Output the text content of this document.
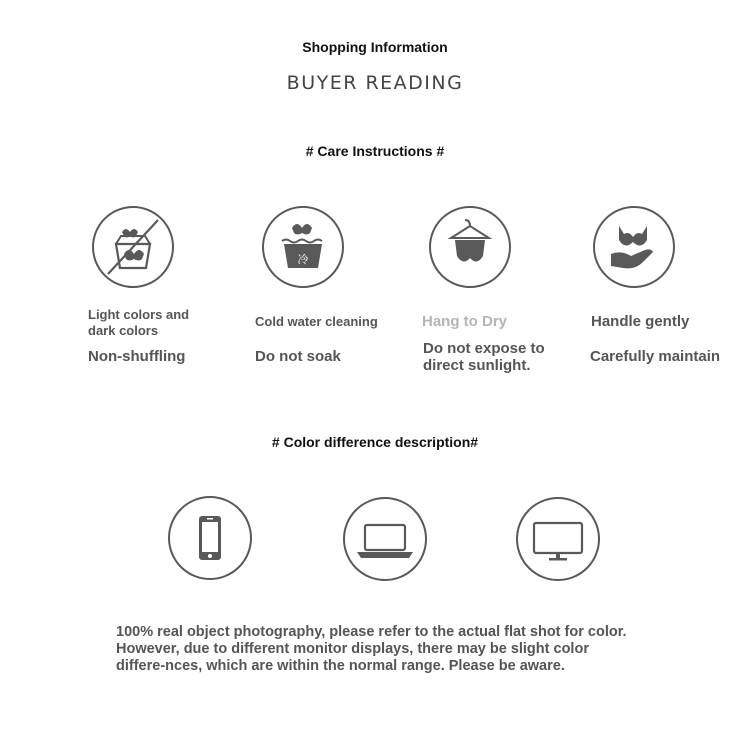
Shopping Information
BUYER READING
# Care Instructions #
Light colors and dark colors
Non-shuffling
冷
Cold water cleaning
Do not soak
Hang to Dry
Do not expose to direct sunlight.
Handle gently
Carefully maintain
# Color difference description#
100% real object photography, please refer to the actual flat shot for color. However, due to different monitor displays, there may be slight color differe-nces, which are within the normal range. Please be aware.
